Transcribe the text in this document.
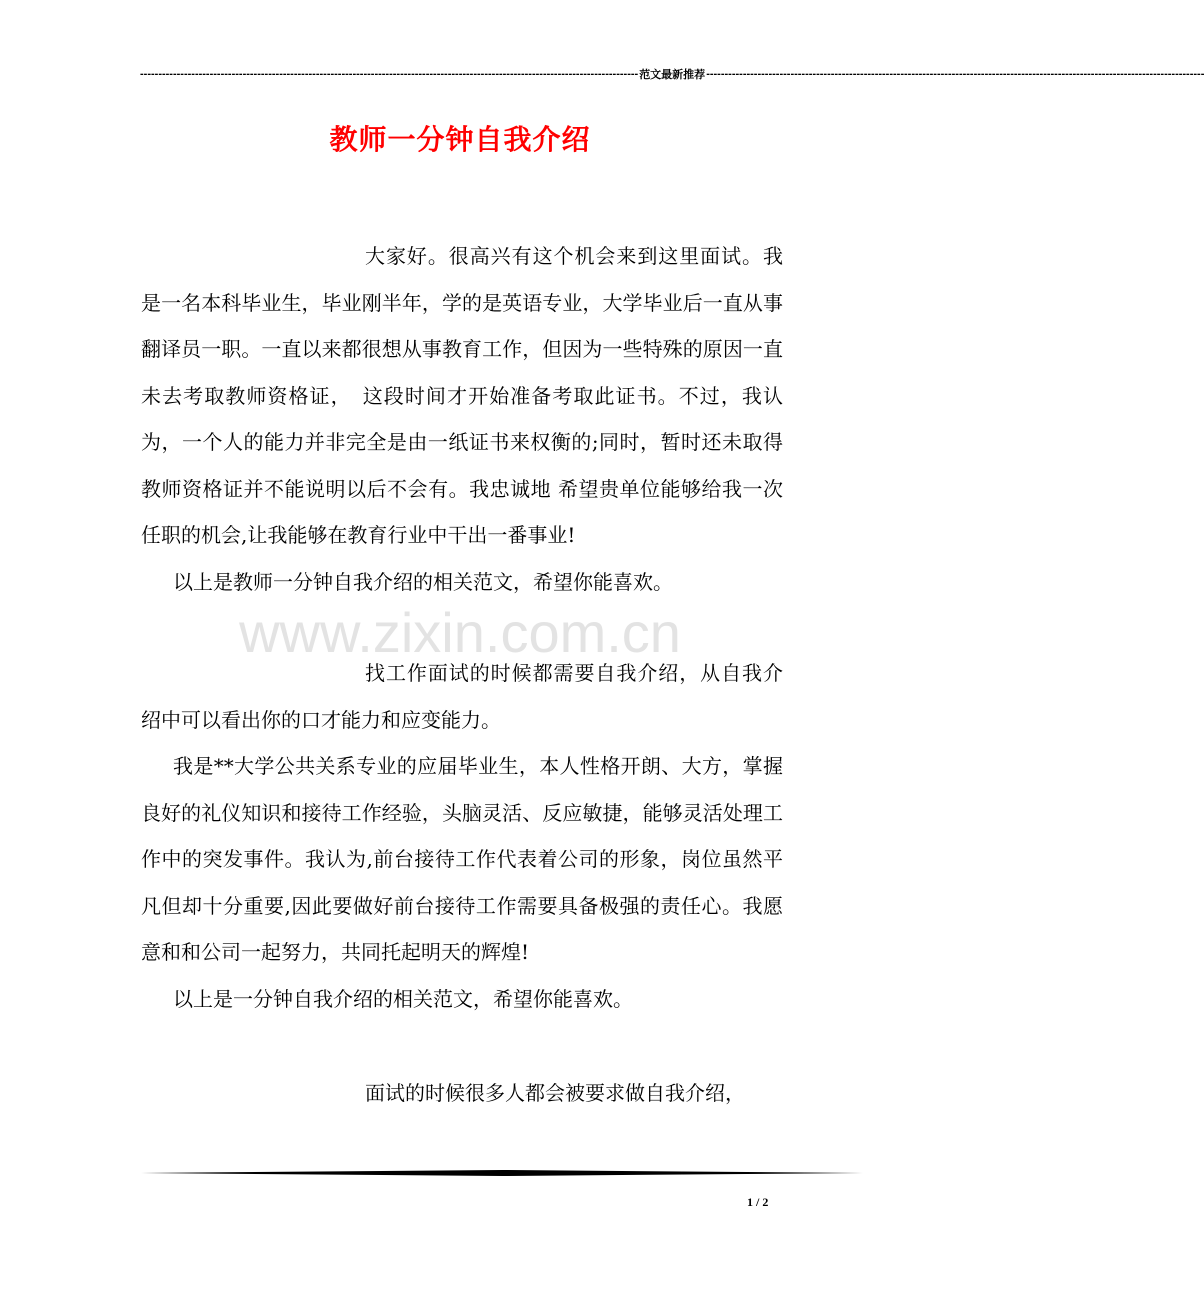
---------------------------------------------------------------------------------------------------------------------------------------- 范文最新推荐 ----------------------------------------------------------------------------------------------------------------------------------------
教师一分钟自我介绍
www.zixin.com.cn

大家好。很高兴有这个机会来到这里面试。我是一名本科毕业生，毕业刚半年，学的是英语专业，大学毕业后一直从事翻译员一职。一直以来都很想从事教育工作，但因为一些特殊的原因一直未去考取教师资格证，　这段时间才开始准备考取此证书。不过，我认为，一个人的能力并非完全是由一纸证书来权衡的;同时，暂时还未取得教师资格证并不能说明以后不会有。我忠诚地 希望贵单位能够给我一次任职的机会,让我能够在教育行业中干出一番事业!

以上是教师一分钟自我介绍的相关范文，希望你能喜欢。

找工作面试的时候都需要自我介绍，从自我介绍中可以看出你的口才能力和应变能力。

我是**大学公共关系专业的应届毕业生，本人性格开朗、大方，掌握良好的礼仪知识和接待工作经验，头脑灵活、反应敏捷，能够灵活处理工作中的突发事件。我认为,前台接待工作代表着公司的形象，岗位虽然平凡但却十分重要,因此要做好前台接待工作需要具备极强的责任心。我愿意和和公司一起努力，共同托起明天的辉煌!

以上是一分钟自我介绍的相关范文，希望你能喜欢。

面试的时候很多人都会被要求做自我介绍，

1 / 2
